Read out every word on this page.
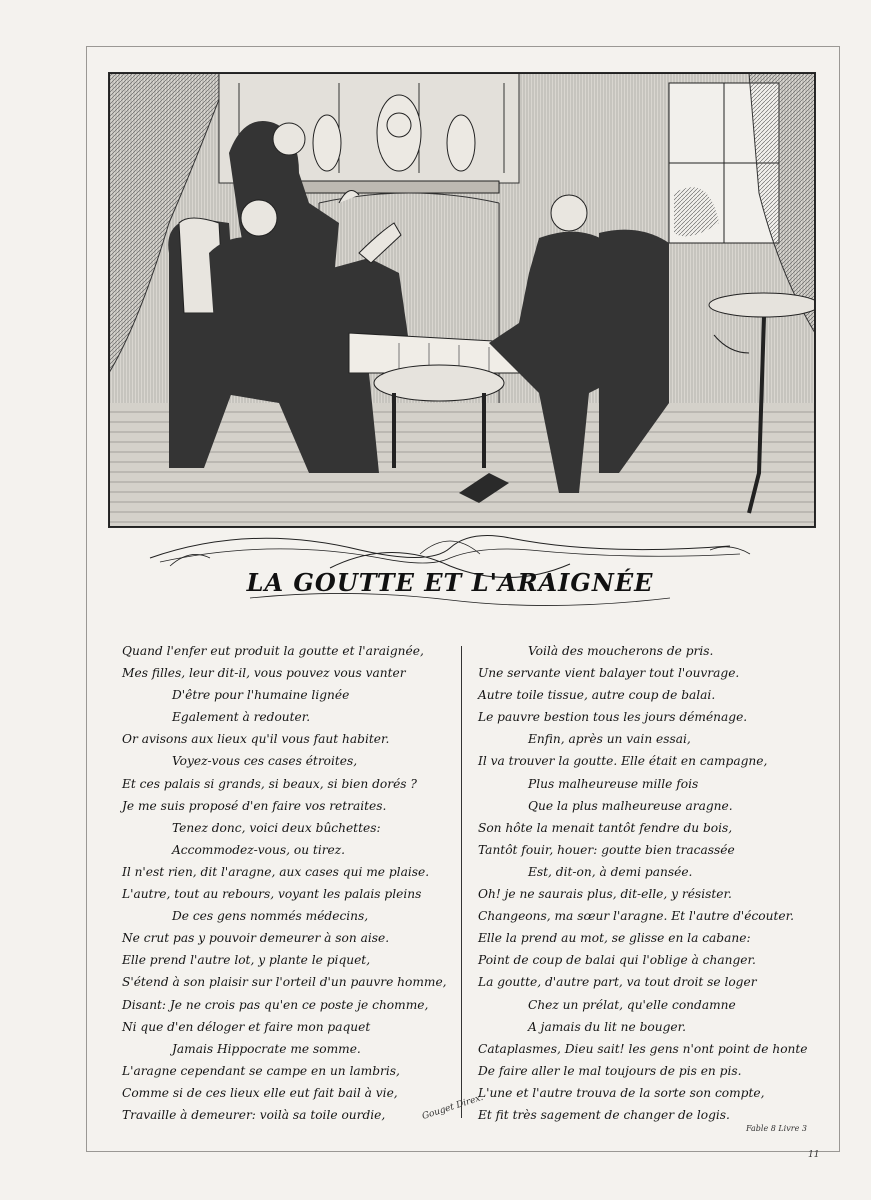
LA GOUTTE ET L'ARAIGNÉE
Quand l'enfer eut produit la goutte et l'araignée,
Mes filles, leur dit-il, vous pouvez vous vanter
D'être pour l'humaine lignée
Egalement à redouter.
Or avisons aux lieux qu'il vous faut habiter.
Voyez-vous ces cases étroites,
Et ces palais si grands, si beaux, si bien dorés ?
Je me suis proposé d'en faire vos retraites.
Tenez donc, voici deux bûchettes:
Accommodez-vous, ou tirez.
Il n'est rien, dit l'aragne, aux cases qui me plaise.
L'autre, tout au rebours, voyant les palais pleins
De ces gens nommés médecins,
Ne crut pas y pouvoir demeurer à son aise.
Elle prend l'autre lot, y plante le piquet,
S'étend à son plaisir sur l'orteil d'un pauvre homme,
Disant: Je ne crois pas qu'en ce poste je chomme,
Ni que d'en déloger et faire mon paquet
Jamais Hippocrate me somme.
L'aragne cependant se campe en un lambris,
Comme si de ces lieux elle eut fait bail à vie,
Travaille à demeurer: voilà sa toile ourdie,
Voilà des moucherons de pris.
Une servante vient balayer tout l'ouvrage.
Autre toile tissue, autre coup de balai.
Le pauvre bestion tous les jours déménage.
Enfin, après un vain essai,
Il va trouver la goutte. Elle était en campagne,
Plus malheureuse mille fois
Que la plus malheureuse aragne.
Son hôte la menait tantôt fendre du bois,
Tantôt fouir, houer: goutte bien tracassée
Est, dit-on, à demi pansée.
Oh! je ne saurais plus, dit-elle, y résister.
Changeons, ma sœur l'aragne. Et l'autre d'écouter.
Elle la prend au mot, se glisse en la cabane:
Point de coup de balai qui l'oblige à changer.
La goutte, d'autre part, va tout droit se loger
Chez un prélat, qu'elle condamne
A jamais du lit ne bouger.
Cataplasmes, Dieu sait! les gens n'ont point de honte
De faire aller le mal toujours de pis en pis.
L'une et l'autre trouva de la sorte son compte,
Et fit très sagement de changer de logis.
Gouget Direx.
Fable 8 Livre 3
11
